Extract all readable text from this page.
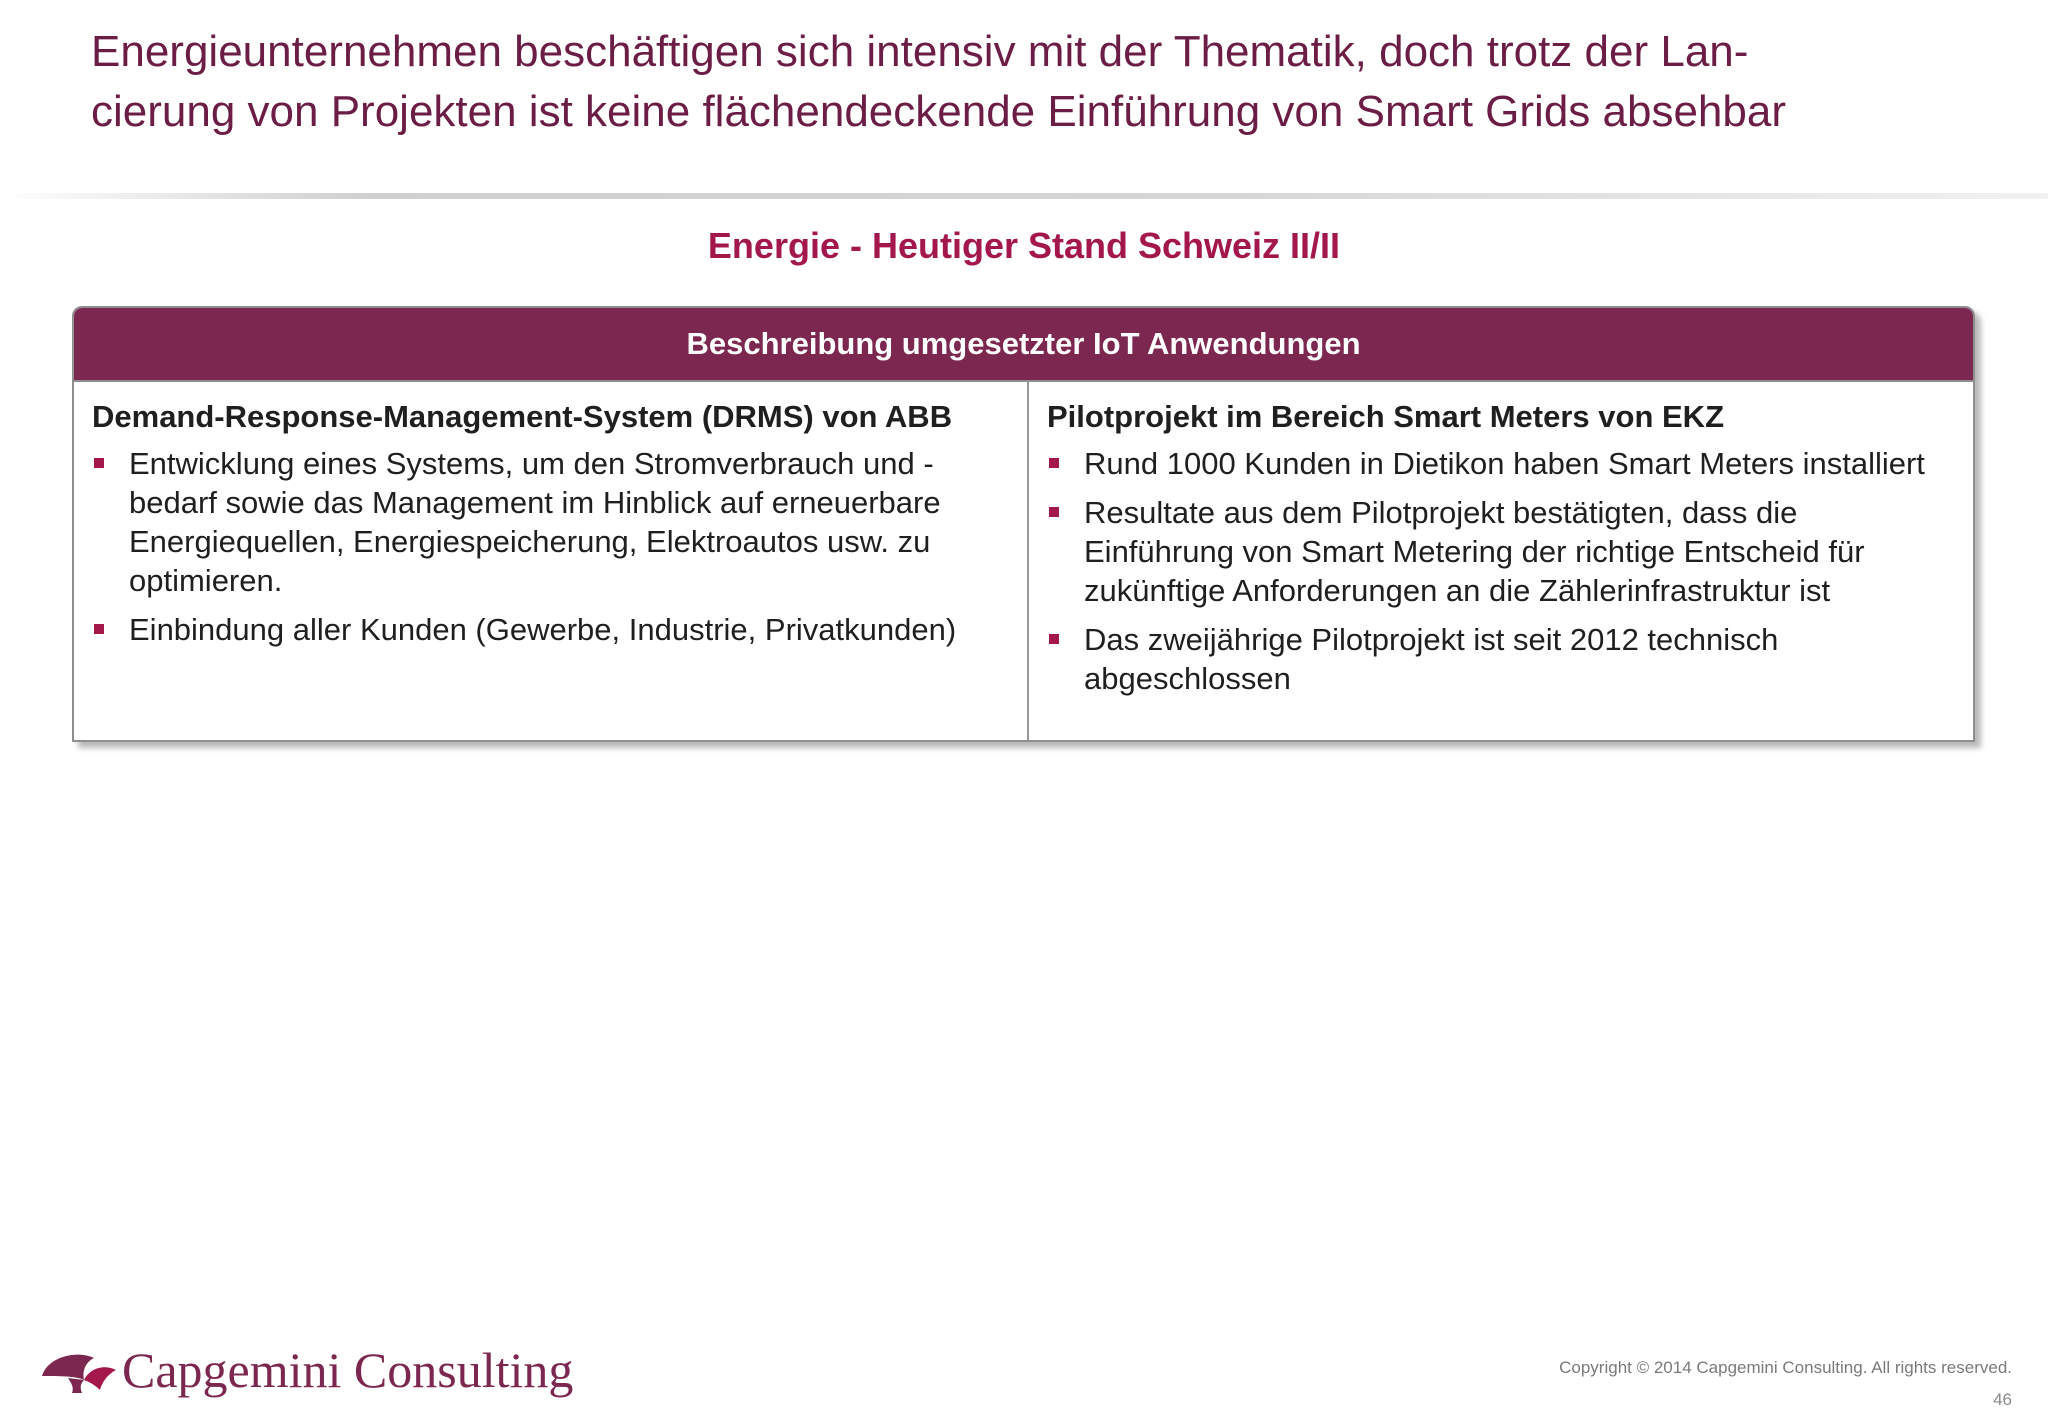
Energieunternehmen beschäftigen sich intensiv mit der Thematik, doch trotz der Lan-
cierung von Projekten ist keine flächendeckende Einführung von Smart Grids absehbar
Energie - Heutiger Stand Schweiz II/II
Beschreibung umgesetzter IoT Anwendungen

Demand-Response-Management-System (DRMS) von ABB

Entwicklung eines Systems, um den Stromverbrauch und -bedarf sowie das Management im Hinblick auf erneuerbare Energiequellen, Energiespeicherung, Elektroautos usw. zu optimieren.
Einbindung aller Kunden (Gewerbe, Industrie, Privatkunden)

Pilotprojekt im Bereich Smart Meters von EKZ

Rund 1000 Kunden in Dietikon haben Smart Meters installiert
Resultate aus dem Pilotprojekt bestätigten, dass die Einführung von Smart Metering der richtige Entscheid für zukünftige Anforderungen an die Zählerinfrastruktur ist
Das zweijährige Pilotprojekt ist seit 2012 technisch abgeschlossen
Capgemini Consulting	Copyright © 2014 Capgemini Consulting. All rights reserved.
46
